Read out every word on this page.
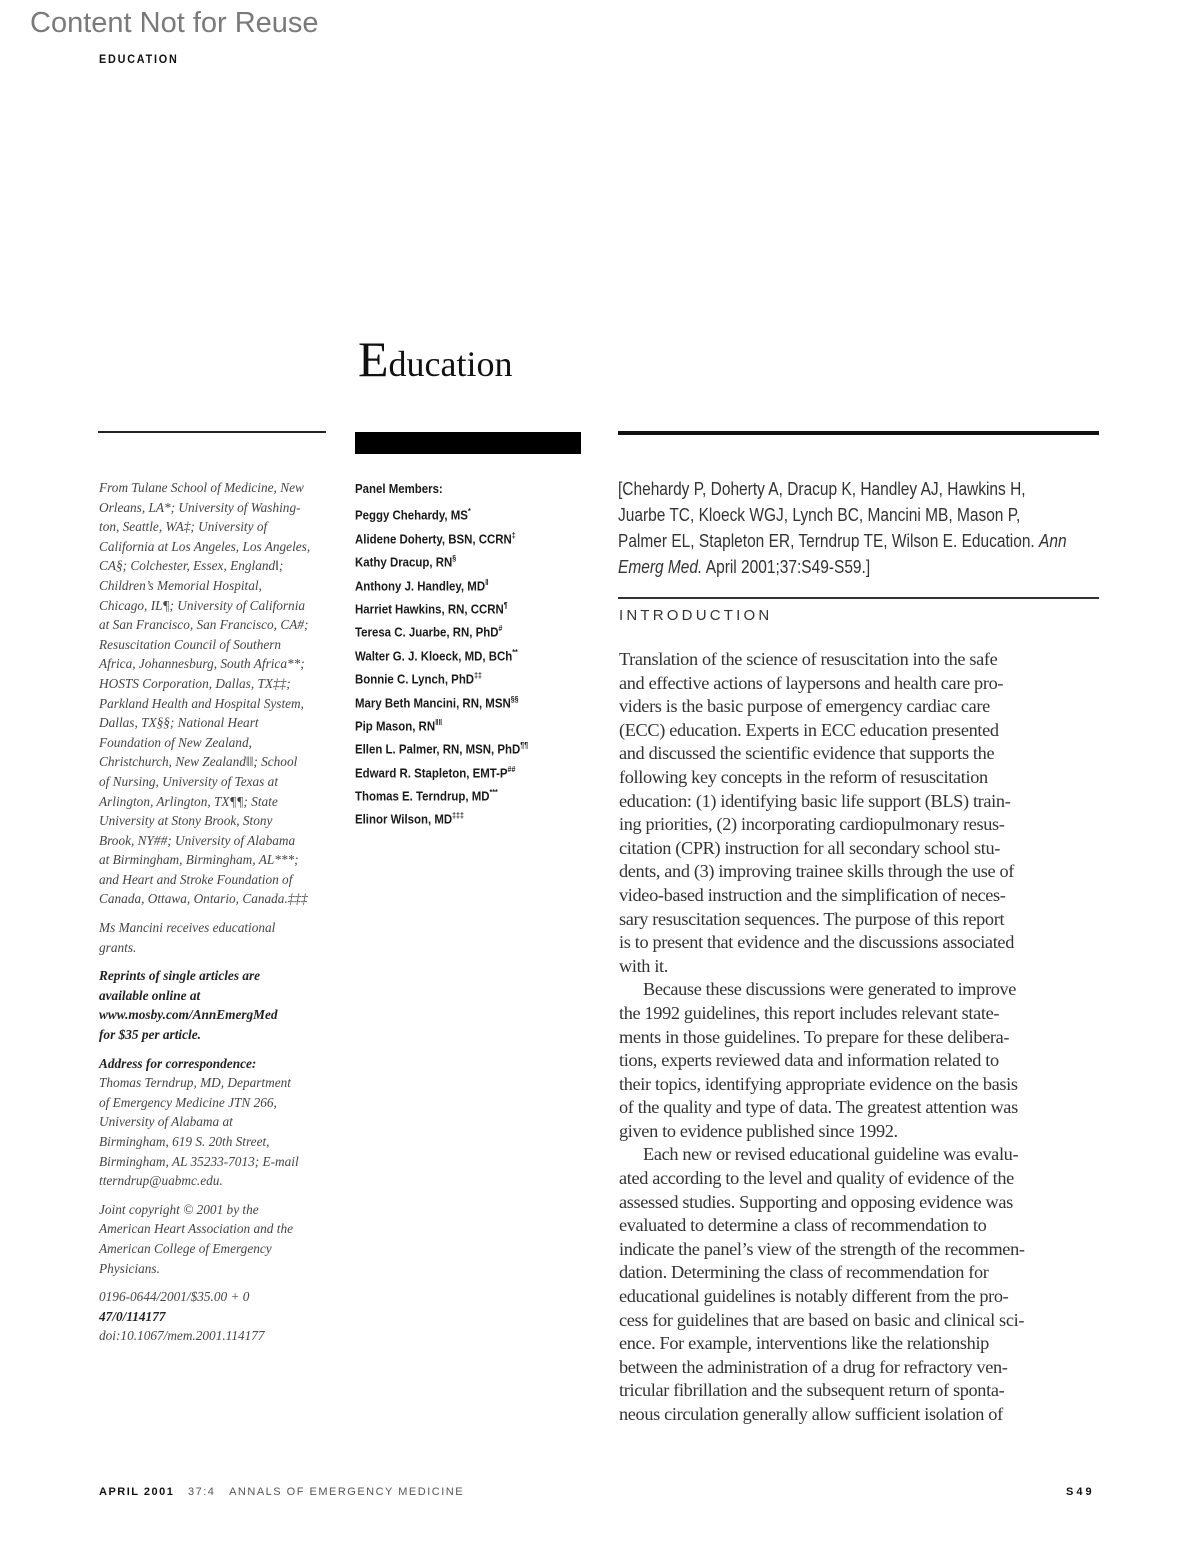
Content Not for Reuse
EDUCATION
Education
From Tulane School of Medicine, New
Orleans, LA*; University of Washing-
ton, Seattle, WA‡; University of
California at Los Angeles, Los Angeles,
CA§; Colchester, Essex, England‖;
Children’s Memorial Hospital,
Chicago, IL¶; University of California
at San Francisco, San Francisco, CA#;
Resuscitation Council of Southern
Africa, Johannesburg, South Africa**;
HOSTS Corporation, Dallas, TX‡‡;
Parkland Health and Hospital System,
Dallas, TX§§; National Heart
Foundation of New Zealand,
Christchurch, New Zealand‖‖; School
of Nursing, University of Texas at
Arlington, Arlington, TX¶¶; State
University at Stony Brook, Stony
Brook, NY##; University of Alabama
at Birmingham, Birmingham, AL***;
and Heart and Stroke Foundation of
Canada, Ottawa, Ontario, Canada.‡‡‡
Ms Mancini receives educational
grants.
Reprints of single articles are
available online at
www.mosby.com/AnnEmergMed
for $35 per article.
Address for correspondence:
Thomas Terndrup, MD, Department
of Emergency Medicine JTN 266,
University of Alabama at
Birmingham, 619 S. 20th Street,
Birmingham, AL 35233-7013; E-mail
tterndrup@uabmc.edu.
Joint copyright © 2001 by the
American Heart Association and the
American College of Emergency
Physicians.
0196-0644/2001/$35.00 + 0
47/0/114177
doi:10.1067/mem.2001.114177
Panel Members:
Peggy Chehardy, MS*
Alidene Doherty, BSN, CCRN‡
Kathy Dracup, RN§
Anthony J. Handley, MD‖
Harriet Hawkins, RN, CCRN¶
Teresa C. Juarbe, RN, PhD#
Walter G. J. Kloeck, MD, BCh**
Bonnie C. Lynch, PhD‡‡
Mary Beth Mancini, RN, MSN§§
Pip Mason, RN‖‖
Ellen L. Palmer, RN, MSN, PhD¶¶
Edward R. Stapleton, EMT-P##
Thomas E. Terndrup, MD***
Elinor Wilson, MD‡‡‡
[Chehardy P, Doherty A, Dracup K, Handley AJ, Hawkins H,
Juarbe TC, Kloeck WGJ, Lynch BC, Mancini MB, Mason P,
Palmer EL, Stapleton ER, Terndrup TE, Wilson E. Education. Ann
Emerg Med. April 2001;37:S49-S59.]
INTRODUCTION
Translation of the science of resuscitation into the safe
and effective actions of laypersons and health care pro-
viders is the basic purpose of emergency cardiac care
(ECC) education. Experts in ECC education presented
and discussed the scientific evidence that supports the
following key concepts in the reform of resuscitation
education: (1) identifying basic life support (BLS) train-
ing priorities, (2) incorporating cardiopulmonary resus-
citation (CPR) instruction for all secondary school stu-
dents, and (3) improving trainee skills through the use of
video-based instruction and the simplification of neces-
sary resuscitation sequences. The purpose of this report
is to present that evidence and the discussions associated
with it.
Because these discussions were generated to improve
the 1992 guidelines, this report includes relevant state-
ments in those guidelines. To prepare for these delibera-
tions, experts reviewed data and information related to
their topics, identifying appropriate evidence on the basis
of the quality and type of data. The greatest attention was
given to evidence published since 1992.
Each new or revised educational guideline was evalu-
ated according to the level and quality of evidence of the
assessed studies. Supporting and opposing evidence was
evaluated to determine a class of recommendation to
indicate the panel’s view of the strength of the recommen-
dation. Determining the class of recommendation for
educational guidelines is notably different from the pro-
cess for guidelines that are based on basic and clinical sci-
ence. For example, interventions like the relationship
between the administration of a drug for refractory ven-
tricular fibrillation and the subsequent return of sponta-
neous circulation generally allow sufficient isolation of
APRIL 2001 37:4 ANNALS OF EMERGENCY MEDICINE	S49
